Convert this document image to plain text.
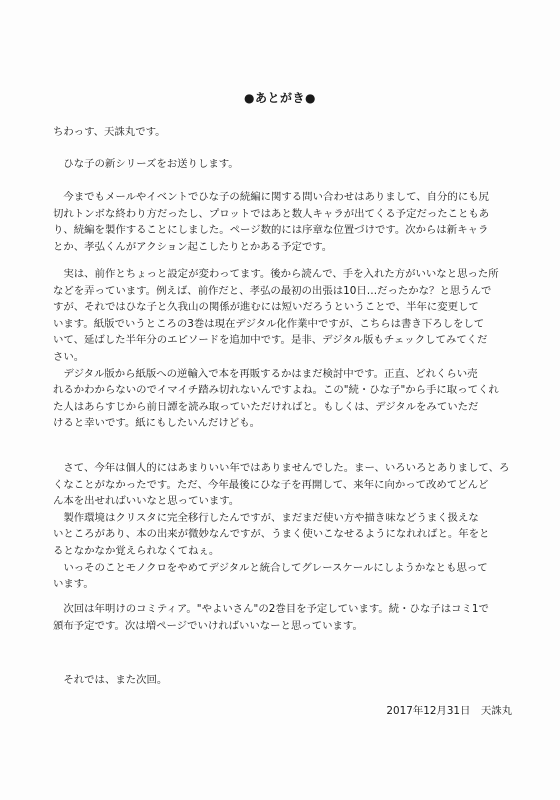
●あとがき●
ちわっす、天誅丸です。
　ひな子の新シリーズをお送りします。
　今までもメールやイベントでひな子の続編に関する問い合わせはありまして、自分的にも尻
切れトンボな終わり方だったし、プロットではあと数人キャラが出てくる予定だったこともあ
り、続編を製作することにしました。ページ数的には序章な位置づけです。次からは新キャラ
とか、孝弘くんがアクション起こしたりとかある予定です。
　実は、前作とちょっと設定が変わってます。後から読んで、手を入れた方がいいなと思った所
などを弄っています。例えば、前作だと、孝弘の最初の出張は10日…だったかな？と思うんで
すが、それではひな子と久我山の関係が進むには短いだろうということで、半年に変更して
います。紙版でいうところの3巻は現在デジタル化作業中ですが、こちらは書き下ろしをして
いて、延ばした半年分のエピソードを追加中です。是非、デジタル版もチェックしてみてくだ
さい。
　デジタル版から紙版への逆輸入で本を再販するかはまだ検討中です。正直、どれくらい売
れるかわからないのでイマイチ踏み切れないんですよね。この"続・ひな子"から手に取ってくれ
た人はあらすじから前日譚を読み取っていただければと。もしくは、デジタルをみていただ
けると幸いです。紙にもしたいんだけども。
　さて、今年は個人的にはあまりいい年ではありませんでした。まー、いろいろとありまして、ろ
くなことがなかったです。ただ、今年最後にひな子を再開して、来年に向かって改めてどんど
ん本を出せればいいなと思っています。
　製作環境はクリスタに完全移行したんですが、まだまだ使い方や描き味などうまく扱えな
いところがあり、本の出来が微妙なんですが、うまく使いこなせるようになれればと。年をと
るとなかなか覚えられなくてねぇ。
　いっそのことモノクロをやめてデジタルと統合してグレースケールにしようかなとも思って
います。
　次回は年明けのコミティア。"やよいさん"の2巻目を予定しています。続・ひな子はコミ1で
頒布予定です。次は増ページでいければいいなーと思っています。
　それでは、また次回。
2017年12月31日　天誅丸
